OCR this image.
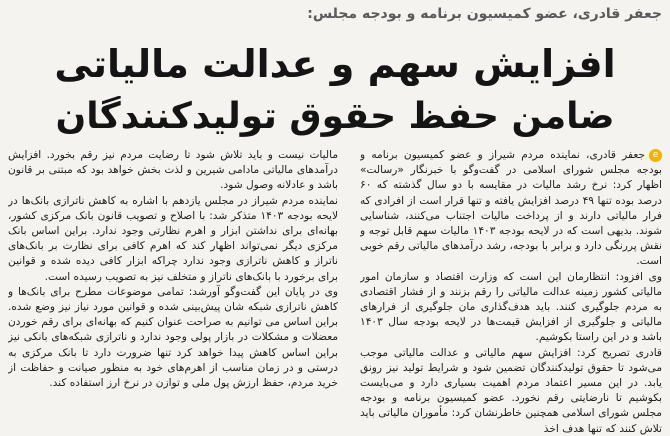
جعفر قادری، عضو کمیسیون برنامه و بودجه مجلس:
افزایش سهم و عدالت مالیاتی
ضامن حفظ حقوق تولیدکنندگان

eجعفر قادری، نماینده مردم شیراز و عضو کمیسیون برنامه و بودجه مجلس شورای اسلامی در گفت‌وگو با خبرنگار «رسالت» اظهار کرد: نرخ رشد مالیات در مقایسه با دو سال گذشته که ۶۰ درصد بوده تنها ۴۹ درصد افزایش یافته و تنها قرار است از افرادی که فرار مالیاتی دارند و از پرداخت مالیات اجتناب می‌کنند، شناسایی شوند. بدیهی است که در لایحه بودجه ۱۴۰۳ مالیات سهم قابل توجه و نقش پررنگی دارد و برابر با بودجه، رشد درآمدهای مالیاتی رقم خوبی است.

وی افزود: انتظارمان این است که وزارت اقتصاد و سازمان امور مالیاتی کشور زمینه عدالت مالیاتی را رقم بزنند و از فشار اقتصادی به مردم جلوگیری کنند. باید هدف‌گذاری مان جلوگیری از فرارهای مالیاتی و جلوگیری از افزایش قیمت‌ها در لایحه بودجه سال ۱۴۰۳ باشد و در این راستا بکوشیم.

قادری تصریح کرد: افزایش سهم مالیاتی و عدالت مالیاتی موجب می‌شود تا حقوق تولیدکنندگان تضمین شود و شرایط تولید نیز رونق یابد. در این مسیر اعتماد مردم اهمیت بسیاری دارد و می‌بایست بکوشیم تا نارضایتی رقم نخورد. عضو کمیسیون برنامه و بودجه مجلس شورای اسلامی همچنین خاطرنشان کرد: مأموران مالیاتی باید تلاش کنند که تنها هدف اخذ

مالیات نیست و باید تلاش شود تا رضایت مردم نیز رقم بخورد. افزایش درآمدهای مالیاتی مادامی شیرین و لذت بخش خواهد بود که مبتنی بر قانون باشد و عادلانه وصول شود.

نماینده مردم شیراز در مجلس یازدهم با اشاره به کاهش ناترازی بانک‌ها در لایحه بودجه ۱۴۰۳ متذکر شد: با اصلاح و تصویب قانون بانک مرکزی کشور، بهانه‌ای برای نداشتن ابزار و اهرم نظارتی وجود ندارد. براین اساس بانک مرکزی دیگر نمی‌تواند اظهار کند که اهرم کافی برای نظارت بر بانک‌های ناتراز و کاهش ناترازی وجود ندارد چراکه ابزار کافی دیده شده و قوانین برای برخورد با بانک‌های ناتراز و متخلف نیز به تصویب رسیده است.

وی در پایان این گفت‌وگو آورشد: تمامی موضوعات مطرح برای بانک‌ها و کاهش ناترازی شبکه شان پیش‌بینی شده و قوانین مورد نیاز نیز وضع شده. براین اساس می توانیم به صراحت عنوان کنیم که بهانه‌ای برای رقم خوردن معضلات و مشکلات در بازار پولی وجود ندارد و ناترازی شبکه‌های بانکی نیز براین اساس کاهش پیدا خواهد کرد تنها ضرورت دارد تا بانک مرکزی به درستی و در زمان مناسب از اهرم‌های خود به منظور صیانت و حفاظت از خرید مردم، حفظ ارزش پول ملی و توازن در نرخ ارز استفاده کند.
